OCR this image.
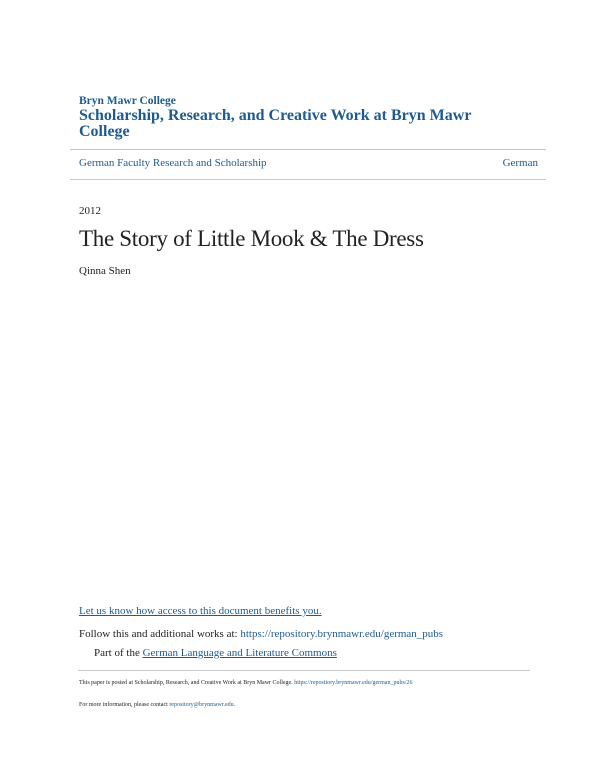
Bryn Mawr College
Scholarship, Research, and Creative Work at Bryn Mawr College
German Faculty Research and Scholarship	German
2012
The Story of Little Mook & The Dress
Qinna Shen
Let us know how access to this document benefits you.
Follow this and additional works at: https://repository.brynmawr.edu/german_pubs
Part of the German Language and Literature Commons
This paper is posted at Scholarship, Research, and Creative Work at Bryn Mawr College. https://repository.brynmawr.edu/german_pubs/26
For more information, please contact repository@brynmawr.edu.
